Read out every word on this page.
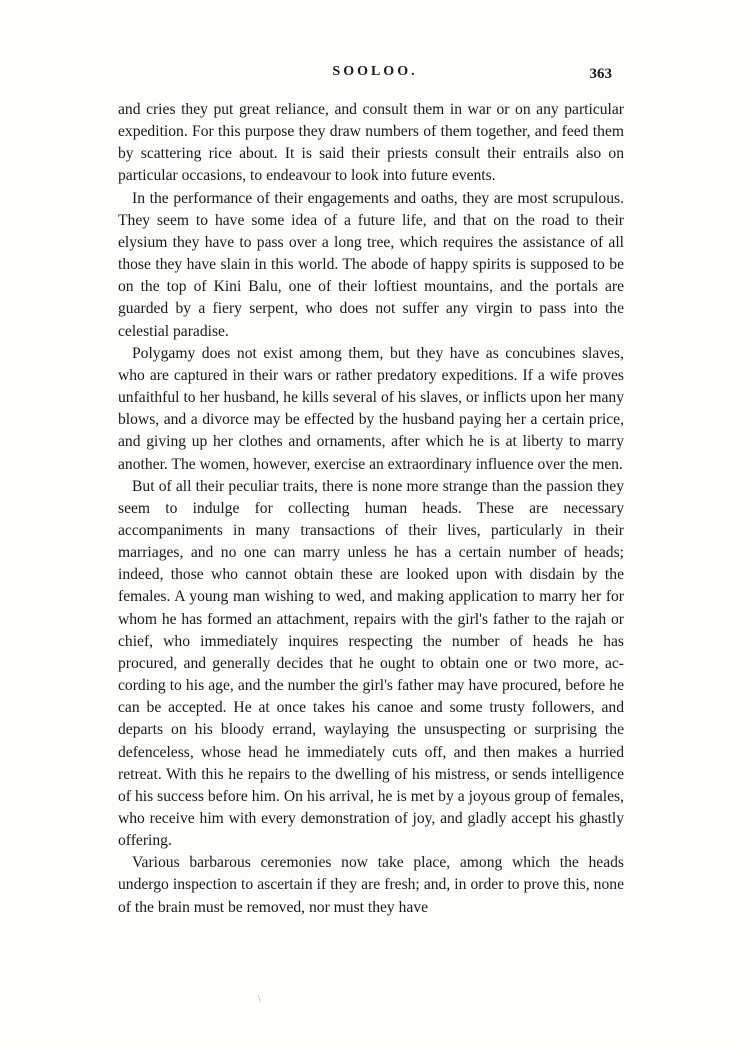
SOOLOO.	363

and cries they put great reliance, and consult them in war or on any particular expedition. For this purpose they draw numbers of them together, and feed them by scattering rice about. It is said their priests consult their entrails also on particular occasions, to endeavour to look into future events.

In the performance of their engagements and oaths, they are most scrupulous. They seem to have some idea of a future life, and that on the road to their elysium they have to pass over a long tree, which requires the assistance of all those they have slain in this world. The abode of happy spirits is supposed to be on the top of Kini Balu, one of their loftiest mountains, and the portals are guarded by a fiery serpent, who does not suffer any virgin to pass into the celestial paradise.

Polygamy does not exist among them, but they have as concubines slaves, who are captured in their wars or rather predatory expeditions. If a wife proves unfaithful to her husband, he kills several of his slaves, or inflicts upon her many blows, and a divorce may be effected by the husband paying her a certain price, and giving up her clothes and ornaments, after which he is at liberty to marry another. The women, however, exercise an extraordinary influence over the men.

But of all their peculiar traits, there is none more strange than the passion they seem to indulge for collecting human heads. These are necessary accompaniments in many transactions of their lives, particularly in their marriages, and no one can marry unless he has a certain number of heads; indeed, those who cannot obtain these are looked upon with disdain by the females. A young man wishing to wed, and making application to marry her for whom he has formed an attachment, repairs with the girl's father to the rajah or chief, who immediately inquires respecting the number of heads he has procured, and generally decides that he ought to obtain one or two more, according to his age, and the number the girl's father may have procured, before he can be accepted. He at once takes his canoe and some trusty followers, and departs on his bloody errand, waylaying the unsuspecting or surprising the defenceless, whose head he immediately cuts off, and then makes a hurried retreat. With this he repairs to the dwelling of his mistress, or sends intelligence of his success before him. On his arrival, he is met by a joyous group of females, who receive him with every demonstration of joy, and gladly accept his ghastly offering.

Various barbarous ceremonies now take place, among which the heads undergo inspection to ascertain if they are fresh; and, in order to prove this, none of the brain must be removed, nor must they have

\
